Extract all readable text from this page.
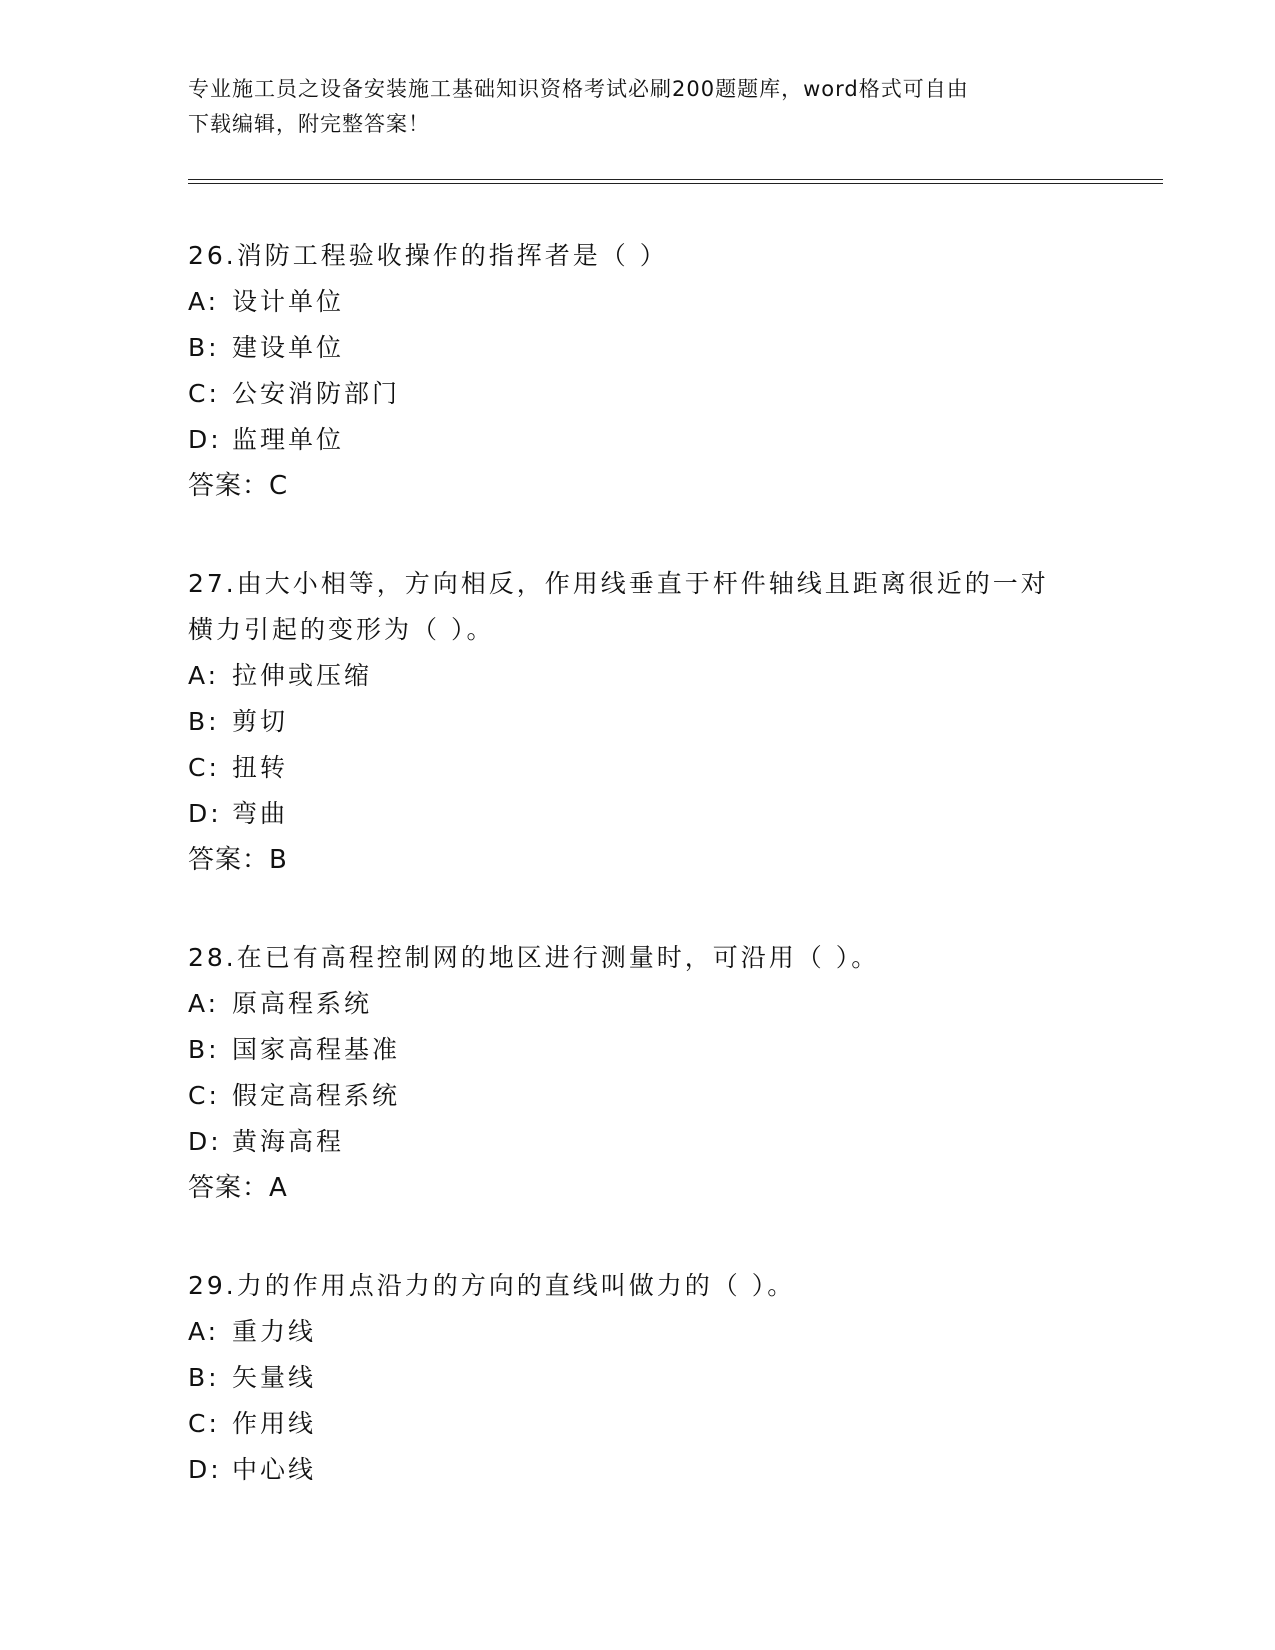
专业施工员之设备安装施工基础知识资格考试必刷200题题库，word格式可自由
下载编辑，附完整答案！
26.消防工程验收操作的指挥者是（ ）
A: 设计单位
B: 建设单位
C: 公安消防部门
D: 监理单位
答案：C
27.由大小相等，方向相反，作用线垂直于杆件轴线且距离很近的一对
横力引起的变形为（ ）。
A: 拉伸或压缩
B: 剪切
C: 扭转
D: 弯曲
答案：B
28.在已有高程控制网的地区进行测量时，可沿用（ ）。
A: 原高程系统
B: 国家高程基准
C: 假定高程系统
D: 黄海高程
答案：A
29.力的作用点沿力的方向的直线叫做力的（ ）。
A: 重力线
B: 矢量线
C: 作用线
D: 中心线
